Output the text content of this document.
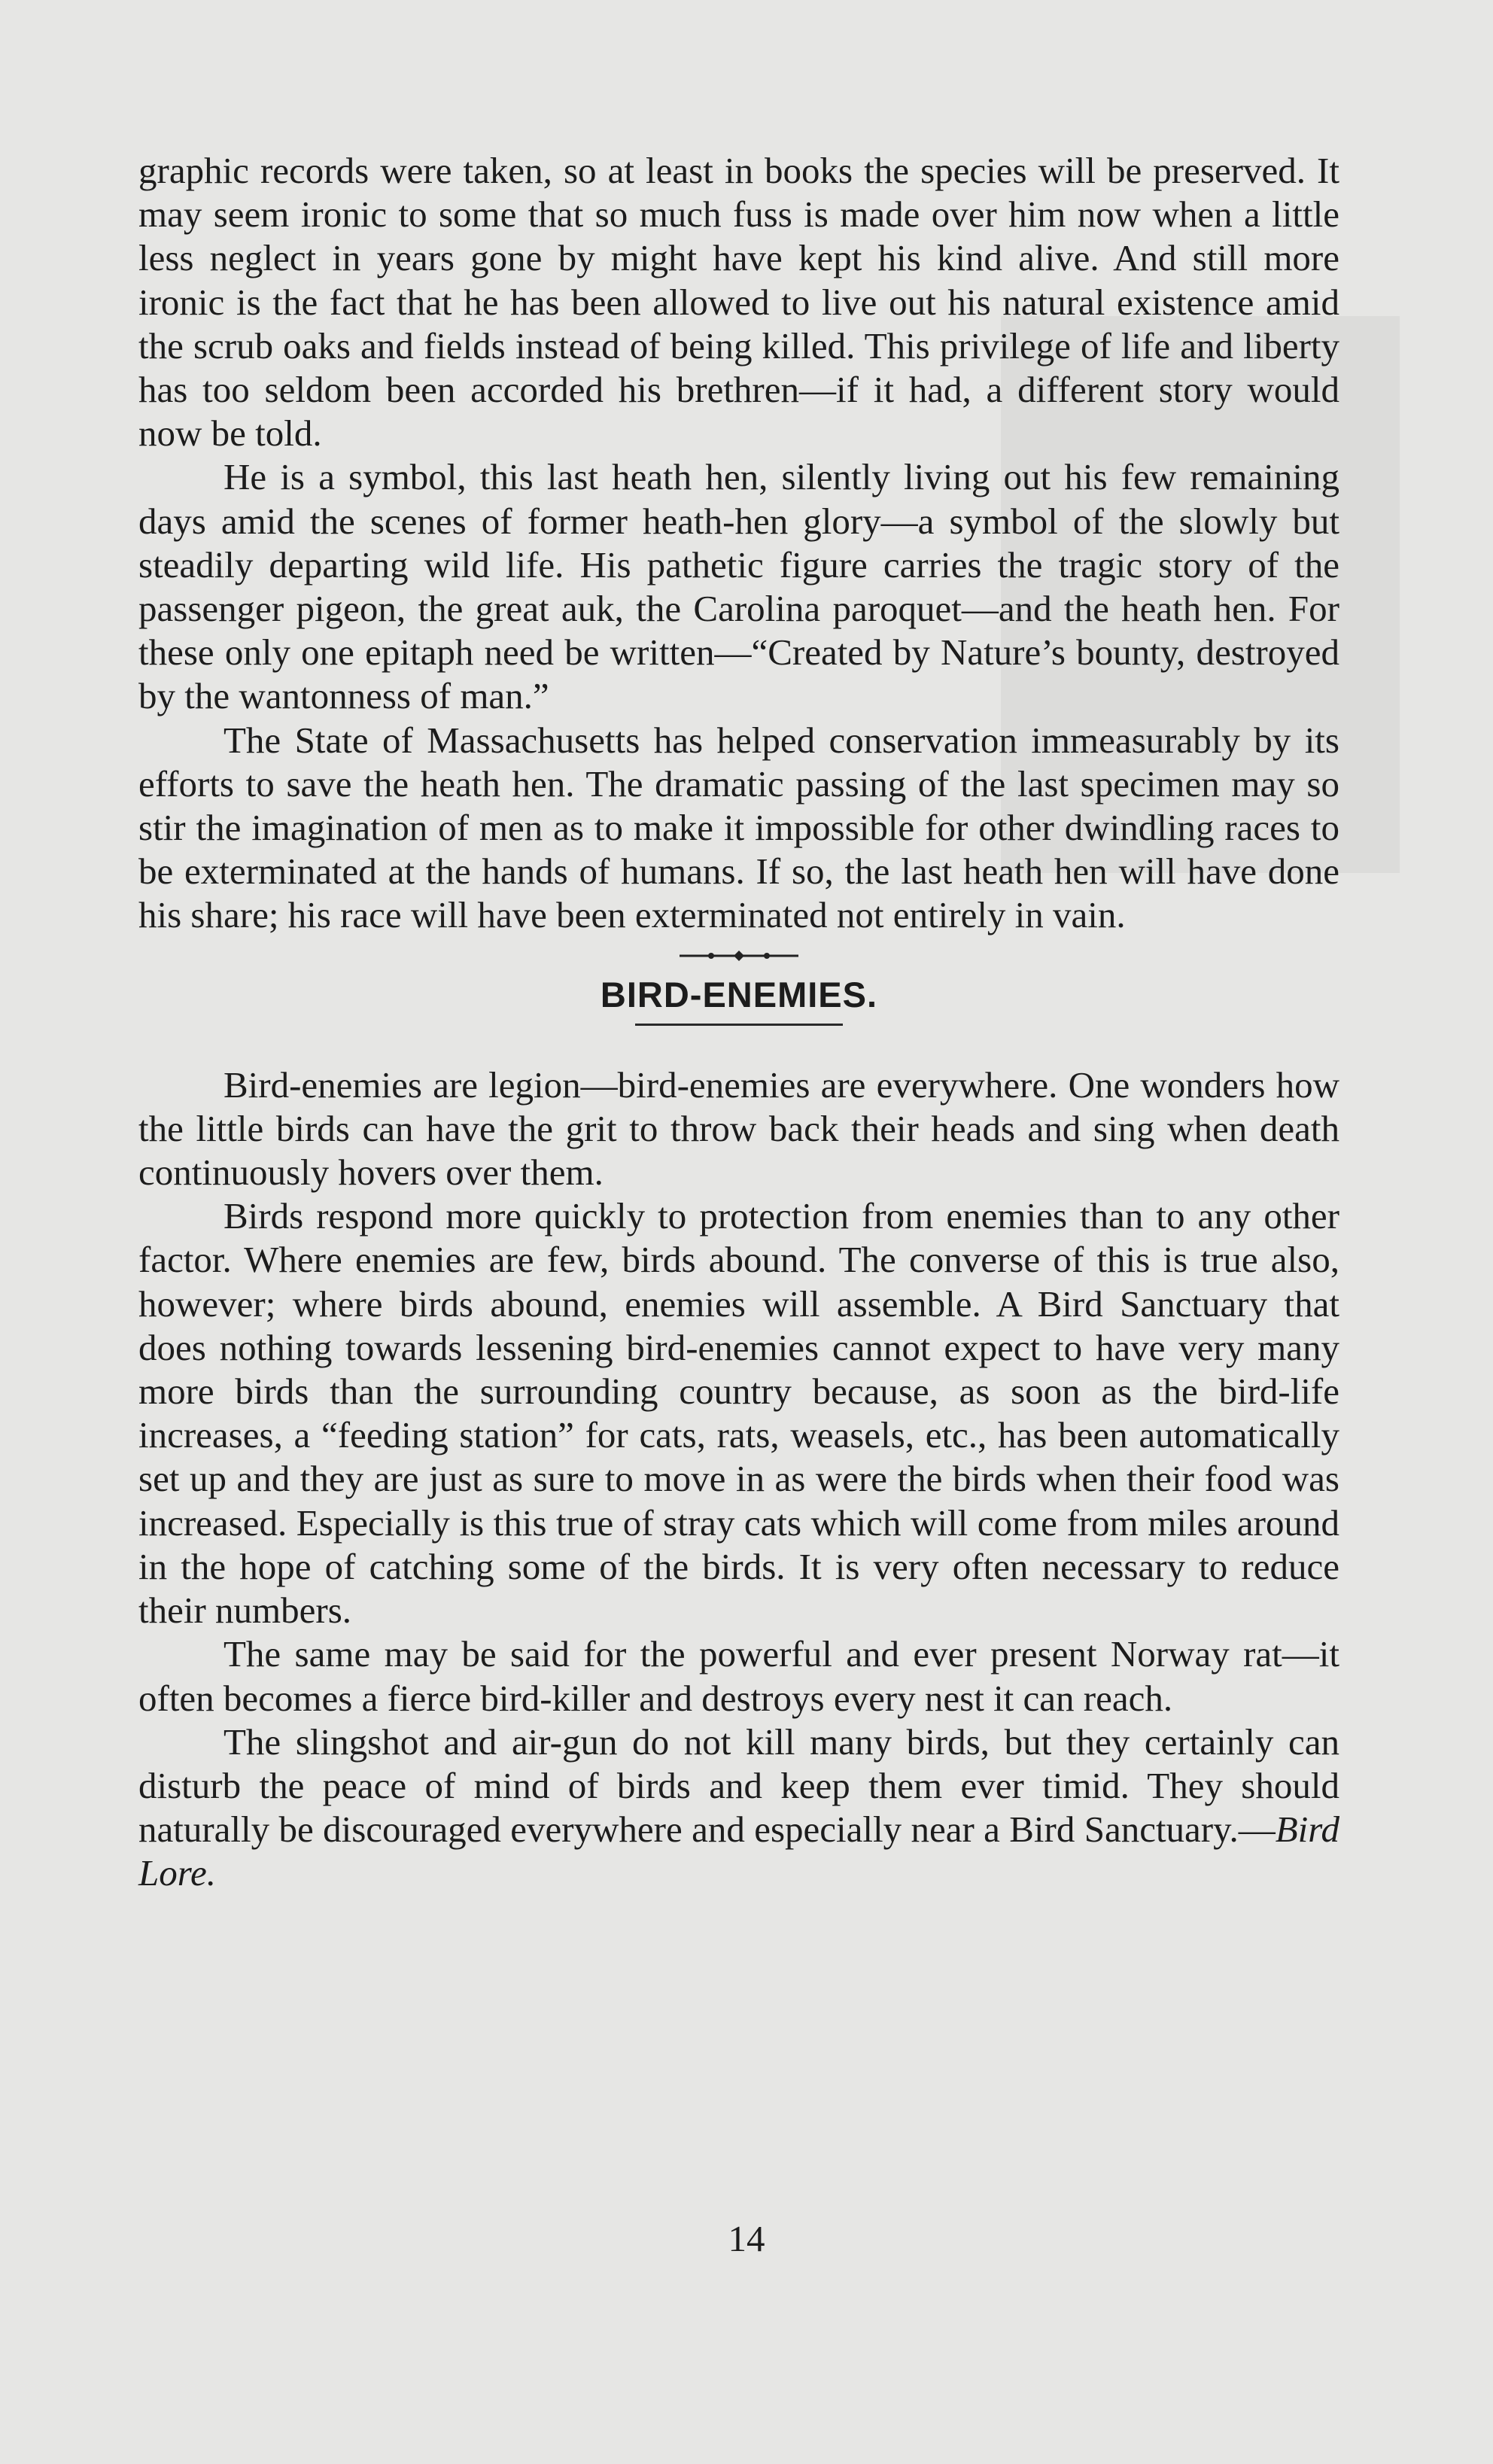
graphic records were taken, so at least in books the species will be preserved. It may seem ironic to some that so much fuss is made over him now when a little less neglect in years gone by might have kept his kind alive. And still more ironic is the fact that he has been allowed to live out his natural existence amid the scrub oaks and fields instead of being killed. This privilege of life and liberty has too seldom been accorded his brethren—if it had, a different story would now be told.

He is a symbol, this last heath hen, silently living out his few remaining days amid the scenes of former heath-hen glory—a symbol of the slowly but steadily departing wild life. His pathetic figure carries the tragic story of the passenger pigeon, the great auk, the Carolina paroquet—and the heath hen. For these only one epitaph need be written—“Created by Nature’s bounty, destroyed by the wantonness of man.”

The State of Massachusetts has helped conservation immeasurably by its efforts to save the heath hen. The dramatic passing of the last specimen may so stir the imagination of men as to make it impossible for other dwindling races to be exterminated at the hands of humans. If so, the last heath hen will have done his share; his race will have been exterminated not entirely in vain.

BIRD-ENEMIES.

Bird-enemies are legion—bird-enemies are everywhere. One wonders how the little birds can have the grit to throw back their heads and sing when death continuously hovers over them.

Birds respond more quickly to protection from enemies than to any other factor. Where enemies are few, birds abound. The converse of this is true also, however; where birds abound, enemies will assemble. A Bird Sanctuary that does nothing towards lessening bird-enemies cannot expect to have very many more birds than the surrounding country because, as soon as the bird-life increases, a “feeding station” for cats, rats, weasels, etc., has been automatically set up and they are just as sure to move in as were the birds when their food was increased. Especially is this true of stray cats which will come from miles around in the hope of catching some of the birds. It is very often necessary to reduce their numbers.

The same may be said for the powerful and ever present Norway rat—it often becomes a fierce bird-killer and destroys every nest it can reach.

The slingshot and air-gun do not kill many birds, but they certainly can disturb the peace of mind of birds and keep them ever timid. They should naturally be discouraged everywhere and especially near a Bird Sanctuary.—Bird Lore.

14
